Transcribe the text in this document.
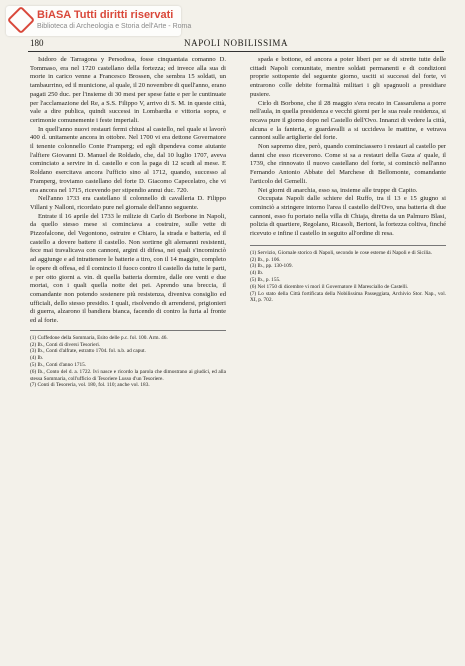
BiASA Tutti diritti riservati
Biblioteca di Archeologia e Storia dell'Arte - Roma
180	NAPOLI NOBILISSIMA

Isidoro de Tarragona y Persodosa, fosse cinquantaia comanno D. Tommaso, era nel 1720 castellano della fortezza; ed invece alla sua di morte in carico venne a Francesco Brossen, che sembra 15 soldati, un tambaurrino, ed il municione, al quale, il 20 novembre di quell'anno, erano pagati 250 duc. per l'insieme di 30 mesi per spese fatte e per le cuntinuate per l'acclamazione del Re, a S.S. Filippo V, arrivo di S. M. in queste città, vale a dire publica, quindi successi in Lombardia e vittoria sopra, e cerimonie comunemente i feste imperiali.

In quell'anno nuovi restauri fermi chiusi al castello, nel quale si lavorò 400 d. unitamente ancora in ottobre. Nel 1700 vi era dettone Governatore il tenente colonnello Conte Framperg; ed egli dipendeva come aiutante l'alfiere Giovanni D. Manuel de Roldado, che, dal 10 luglio 1707, aveva cominciato a servire in d. castello e con la paga di 12 scudi al mese. E Roldano esercitava ancora l'ufficio sino al 1712, quando, successo al Framperg, troviamo castellano del forte D. Giacomo Capecelatro, che vi era ancora nel 1715, ricevendo per stipendio annui duc. 720.

Nell'anno 1733 era castellano il colonnello di cavalleria D. Filippo Villani y Nalloni, ricordato pure nel giornale dell'anno seguente.

Entrate il 16 aprile del 1733 le milizie di Carlo di Borbone in Napoli, da quello stesso mese si cominciava a costruire, sulle vette di Pizzofalcone, del Vegontono, ostruire e Chiaro, la strada e batteria, ed il castello a dovere battere il castello. Non sortirne gli alemanni resistenti, fece mai travalicava con cannoni, argini di difesa, nei quali s'incominciò ad aggiunge e ad intrattenere le batterie a tiro, con il 14 maggio, completo le opere di offesa, ed il comincio il fuoco contro il castello da tutte le parti, e per otto giorni a. vin. di quella batteria dormire, dalle ore venti e due mortai, con i quali quella notte dei pei. Aprendo una breccia, il comandante non potendo sostenere più resistenza, diveniva consiglio ed ufficiali, dello stesso presidio. I quali, risolvendo di arrendersi, prigionieri di guerra, alzarono il bandiera bianca, facendo di contro la furia al fronte ed al forte.

(1) Cuffedone della Sommaria, Esito delle p.c. fol. 100. Arm. 46.
(2) Ib., Conti di diversi Tesorieri.
(3) Ib., Conti d'alfrate, estratto 1704. fol. n.b. ad caput.
(4) Ib.
(5) Ib., Conti d'anno 1715.
(6) Ib., Conto del d. a. 1722. Ivi nasce e ricordo la parola che dimostrano ai giudici, ed alla stessa Sommaria, coll'ufficio di Tesoriere Lusso d'un Tesoriere.
(7) Conti di Tesoreria, vol. 180, fol. 110; anche vol. 183.

spada e bottone, ed ancora a poter liberi per se di strette tutte delle cittadi Napoli comunitate, mentre soldati permanenti e di condizioni proprie sottopente del seguente giorno, usciti si successi del forte, vi entrarono colle debite formalità militari i gli spagnuoli a presidiare pusiere.

Cirlo di Borbone, che il 28 maggio s'era recato in Cassarulena a porre nell'aula, in quella presidenza e vecchi giorni per le sua reale residenza, si recava pure il giorno dopo nel Castello dell'Ovo. Innanzi di vedere la città, alcuna e la fanteria, e guardavalli a si uccideva le mattine, e vetrava cannoni sulle artiglierie del forte.

Non sapremo dire, però, quando cominciassero i restauri al castello per danni che esso riceverono. Come si sa a restauri della Gaza a' quale, il 1739, che rinnovato il nuovo castellano del forte, si cominciò nell'anno Fernando Antonio Abbate del Marchese di Bellomonte, comandante l'articolo del Gemelli.

Nei giorni di anarchia, esso sa, insieme alle truppe di Capito.

Occupata Napoli dalle schiere del Ruffo, tra il 13 e 15 giugno si cominciò a stringere intorno l'area il castello dell'Ovo, una batteria di due cannoni, esso fu portato nella villa di Chiaja, diretta da un Palmuro Blasi, polizia di quartiere, Regolano, Ricasoli, Bertoni, la fortezza coltiva, finché ricevuto e infine il castello in seguito all'ordine di resa.

(1) Servizio, Giornale storico di Napoli, secondo le cose esterne di Napoli e di Sicilia.
(2) Ib., p. 106.
(3) Ib., pp. 130-109.
(4) Ib.
(5) Ib., p. 155.
(6) Nel 1750 di dicembre vi morì il Governatore il Maresciallo de Castelli.
(7) Lo stato della Città fortificata della Nobilissima Passeggiata, Archivio Stor. Nap., vol. XI, p. 702.
